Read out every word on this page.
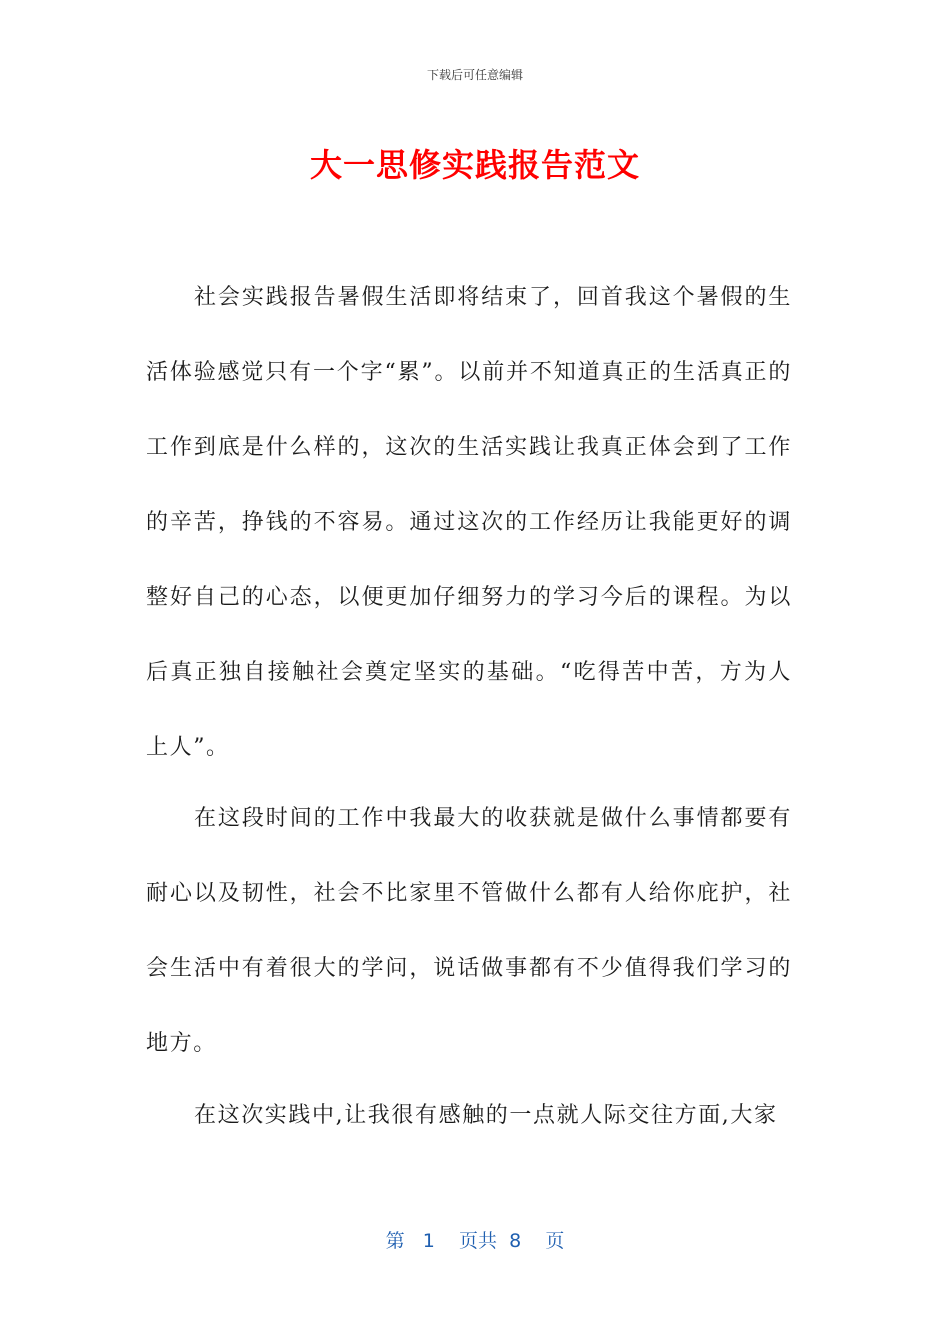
下载后可任意编辑
大一思修实践报告范文

社会实践报告暑假生活即将结束了，回首我这个暑假的生活体验感觉只有一个字“累”。以前并不知道真正的生活真正的工作到底是什么样的，这次的生活实践让我真正体会到了工作的辛苦，挣钱的不容易。通过这次的工作经历让我能更好的调整好自己的心态，以便更加仔细努力的学习今后的课程。为以后真正独自接触社会奠定坚实的基础。“吃得苦中苦，方为人上人”。

在这段时间的工作中我最大的收获就是做什么事情都要有耐心以及韧性，社会不比家里不管做什么都有人给你庇护，社会生活中有着很大的学问，说话做事都有不少值得我们学习的地方。

在这次实践中,让我很有感触的一点就人际交往方面,大家

第 1 页共 8 页
